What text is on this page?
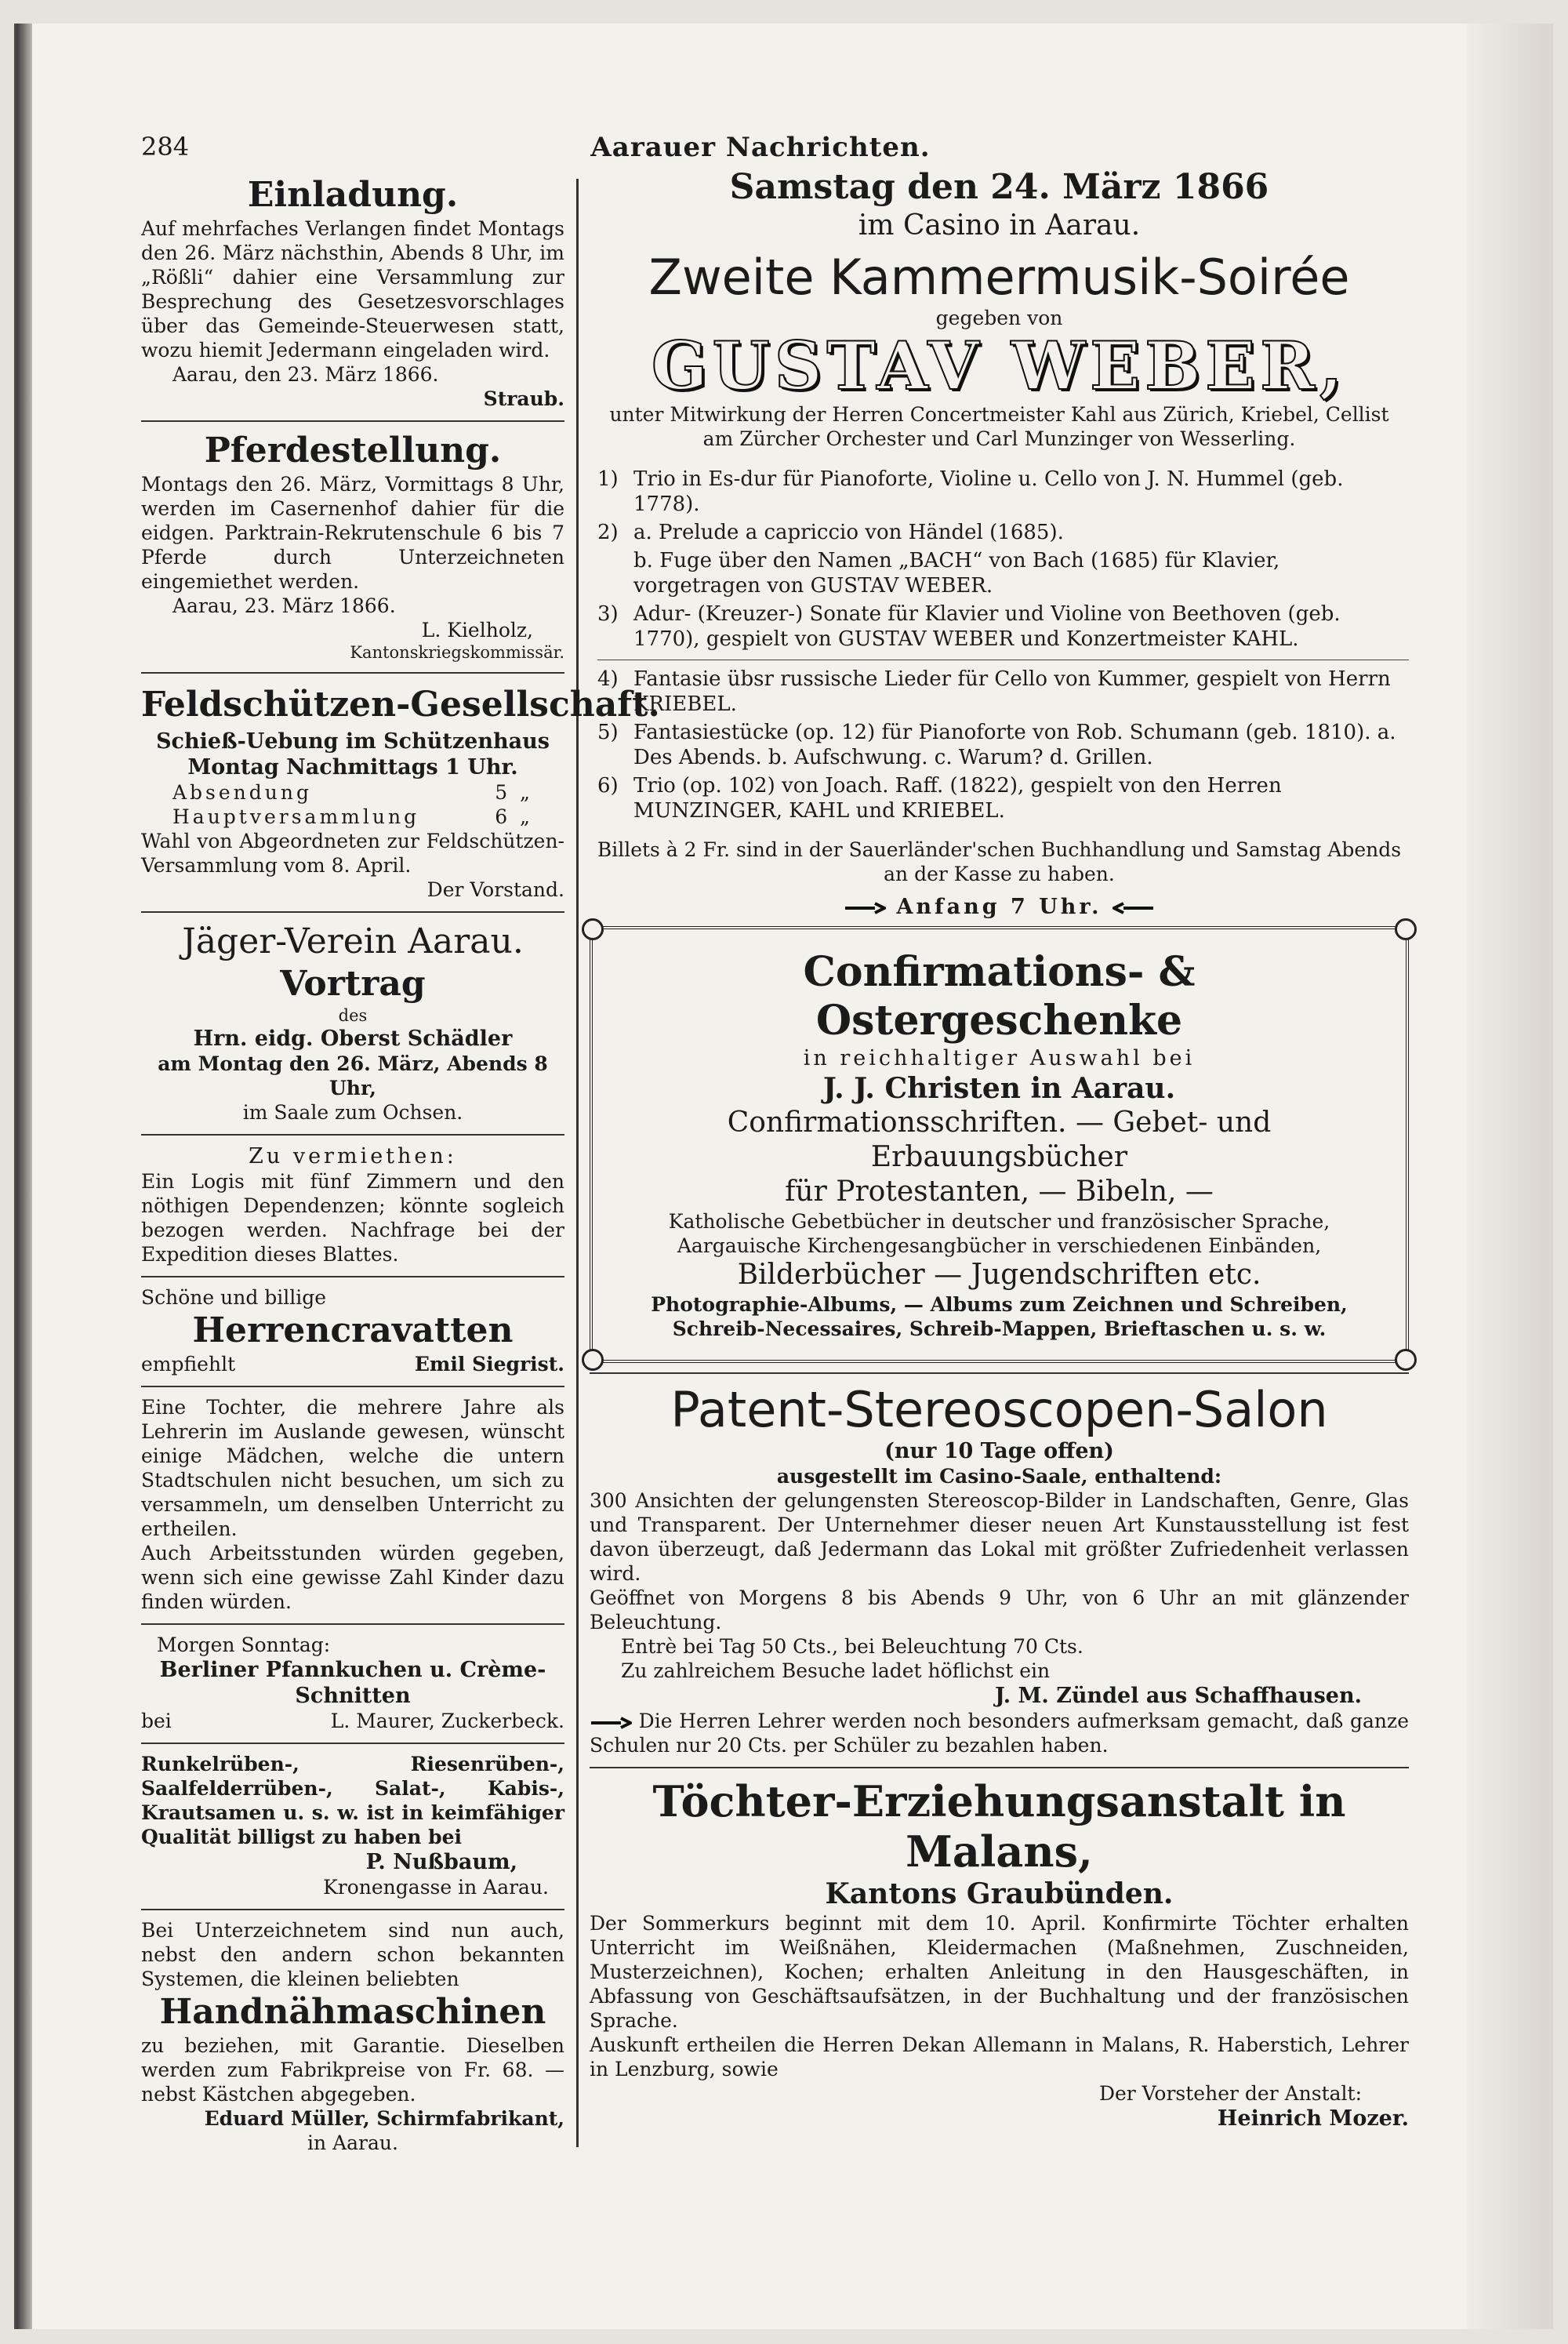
284	Aarauer Nachrichten.
Einladung.
Auf mehrfaches Verlangen findet Montags den 26. März nächsthin, Abends 8 Uhr, im „Rößli“ dahier eine Versammlung zur Besprechung des Gesetzesvorschlages über das Gemeinde-Steuerwesen statt, wozu hiemit Jedermann eingeladen wird.
Aarau, den 23. März 1866.
Straub.
Pferdestellung.
Montags den 26. März, Vormittags 8 Uhr, werden im Casernenhof dahier für die eidgen. Parktrain-Rekrutenschule 6 bis 7 Pferde durch Unterzeichneten eingemiethet werden.
Aarau, 23. März 1866.
L. Kielholz,
Kantonskriegskommissär.
Feldschützen- Gesellschaft.
Schieß-Uebung im Schützenhaus
Montag Nachmittags 1 Uhr.
Absendung	5 „
Hauptversammlung	6 „
Wahl von Abgeordneten zur Feldschützen-Versammlung vom 8. April.
Der Vorstand.
Jäger-Verein Aarau.
Vortrag
des
Hrn. eidg. Oberst Schädler
am Montag den 26. März, Abends 8 Uhr,
im Saale zum Ochsen.
Zu vermiethen:
Ein Logis mit fünf Zimmern und den nöthigen Dependenzen; könnte sogleich bezogen werden. Nachfrage bei der Expedition dieses Blattes.
Schöne und billige
Herrencravatten
empfiehlt	Emil Siegrist.
Eine Tochter, die mehrere Jahre als Lehrerin im Auslande gewesen, wünscht einige Mädchen, welche die untern Stadtschulen nicht besuchen, um sich zu versammeln, um denselben Unterricht zu ertheilen.
Auch Arbeitsstunden würden gegeben, wenn sich eine gewisse Zahl Kinder dazu finden würden.
Morgen Sonntag:
Berliner Pfannkuchen u. Crème-
Schnitten
bei	L. Maurer, Zuckerbeck.
Runkelrüben-, Riesenrüben-, Saalfelderrüben-, Salat-, Kabis-, Krautsamen u. s. w. ist in keimfähiger Qualität billigst zu haben bei
P. Nußbaum,
Kronengasse in Aarau.
Bei Unterzeichnetem sind nun auch, nebst den andern schon bekannten Systemen, die kleinen beliebten
Handnähmaschinen
zu beziehen, mit Garantie. Dieselben werden zum Fabrikpreise von Fr. 68. — nebst Kästchen abgegeben.
Eduard Müller, Schirmfabrikant,
in Aarau.
Samstag den 24. März 1866
im Casino in Aarau.
Zweite Kammermusik-Soirée
gegeben von
GUSTAV WEBER,
unter Mitwirkung der Herren Concertmeister Kahl aus Zürich, Kriebel, Cellist
am Zürcher Orchester und Carl Munzinger von Wesserling.
1) Trio in Es-dur für Pianoforte, Violine u. Cello von J. N. Hummel (geb. 1778).
2) a. Prelude a capriccio von Händel (1685).
b. Fuge über den Namen „BACH“ von Bach (1685) für Klavier, vorgetragen von GUSTAV WEBER.
3) Adur- (Kreuzer-) Sonate für Klavier und Violine von Beethoven (geb. 1770), gespielt von GUSTAV WEBER und Konzertmeister KAHL.
4) Fantasie übsr russische Lieder für Cello von Kummer, gespielt von Herrn KRIEBEL.
5) Fantasiestücke (op. 12) für Pianoforte von Rob. Schumann (geb. 1810). a. Des Abends. b. Aufschwung. c. Warum? d. Grillen.
6) Trio (op. 102) von Joach. Raff. (1822), gespielt von den Herren MUNZINGER, KAHL und KRIEBEL.
Billets à 2 Fr. sind in der Sauerländer'schen Buchhandlung und Samstag Abends an der Kasse zu haben.
Anfang 7 Uhr.
Confirmations- & Ostergeschenke
in reichhaltiger Auswahl bei
J. J. Christen in Aarau.
Confirmationsschriften. — Gebet- und Erbauungsbücher
für Protestanten, — Bibeln, —
Katholische Gebetbücher in deutscher und französischer Sprache,
Aargauische Kirchengesangbücher in verschiedenen Einbänden,
Bilderbücher — Jugendschriften etc.
Photographie-Albums, — Albums zum Zeichnen und Schreiben,
Schreib-Necessaires, Schreib-Mappen, Brieftaschen u. s. w.
Patent-Stereoscopen-Salon
(nur 10 Tage offen)
ausgestellt im Casino-Saale, enthaltend:
300 Ansichten der gelungensten Stereoscop-Bilder in Landschaften, Genre, Glas und Transparent. Der Unternehmer dieser neuen Art Kunstausstellung ist fest davon überzeugt, daß Jedermann das Lokal mit größter Zufriedenheit verlassen wird.
Geöffnet von Morgens 8 bis Abends 9 Uhr, von 6 Uhr an mit glänzender Beleuchtung.
Entrè bei Tag 50 Cts., bei Beleuchtung 70 Cts.
Zu zahlreichem Besuche ladet höflichst ein
J. M. Zündel aus Schaffhausen.
Die Herren Lehrer werden noch besonders aufmerksam gemacht, daß ganze Schulen nur 20 Cts. per Schüler zu bezahlen haben.
Töchter-Erziehungsanstalt in Malans,
Kantons Graubünden.
Der Sommerkurs beginnt mit dem 10. April. Konfirmirte Töchter erhalten Unterricht im Weißnähen, Kleidermachen (Maßnehmen, Zuschneiden, Musterzeichnen), Kochen; erhalten Anleitung in den Hausgeschäften, in Abfassung von Geschäftsaufsätzen, in der Buchhaltung und der französischen Sprache.
Auskunft ertheilen die Herren Dekan Allemann in Malans, R. Haberstich, Lehrer in Lenzburg, sowie
Der Vorsteher der Anstalt:
Heinrich Mozer.
